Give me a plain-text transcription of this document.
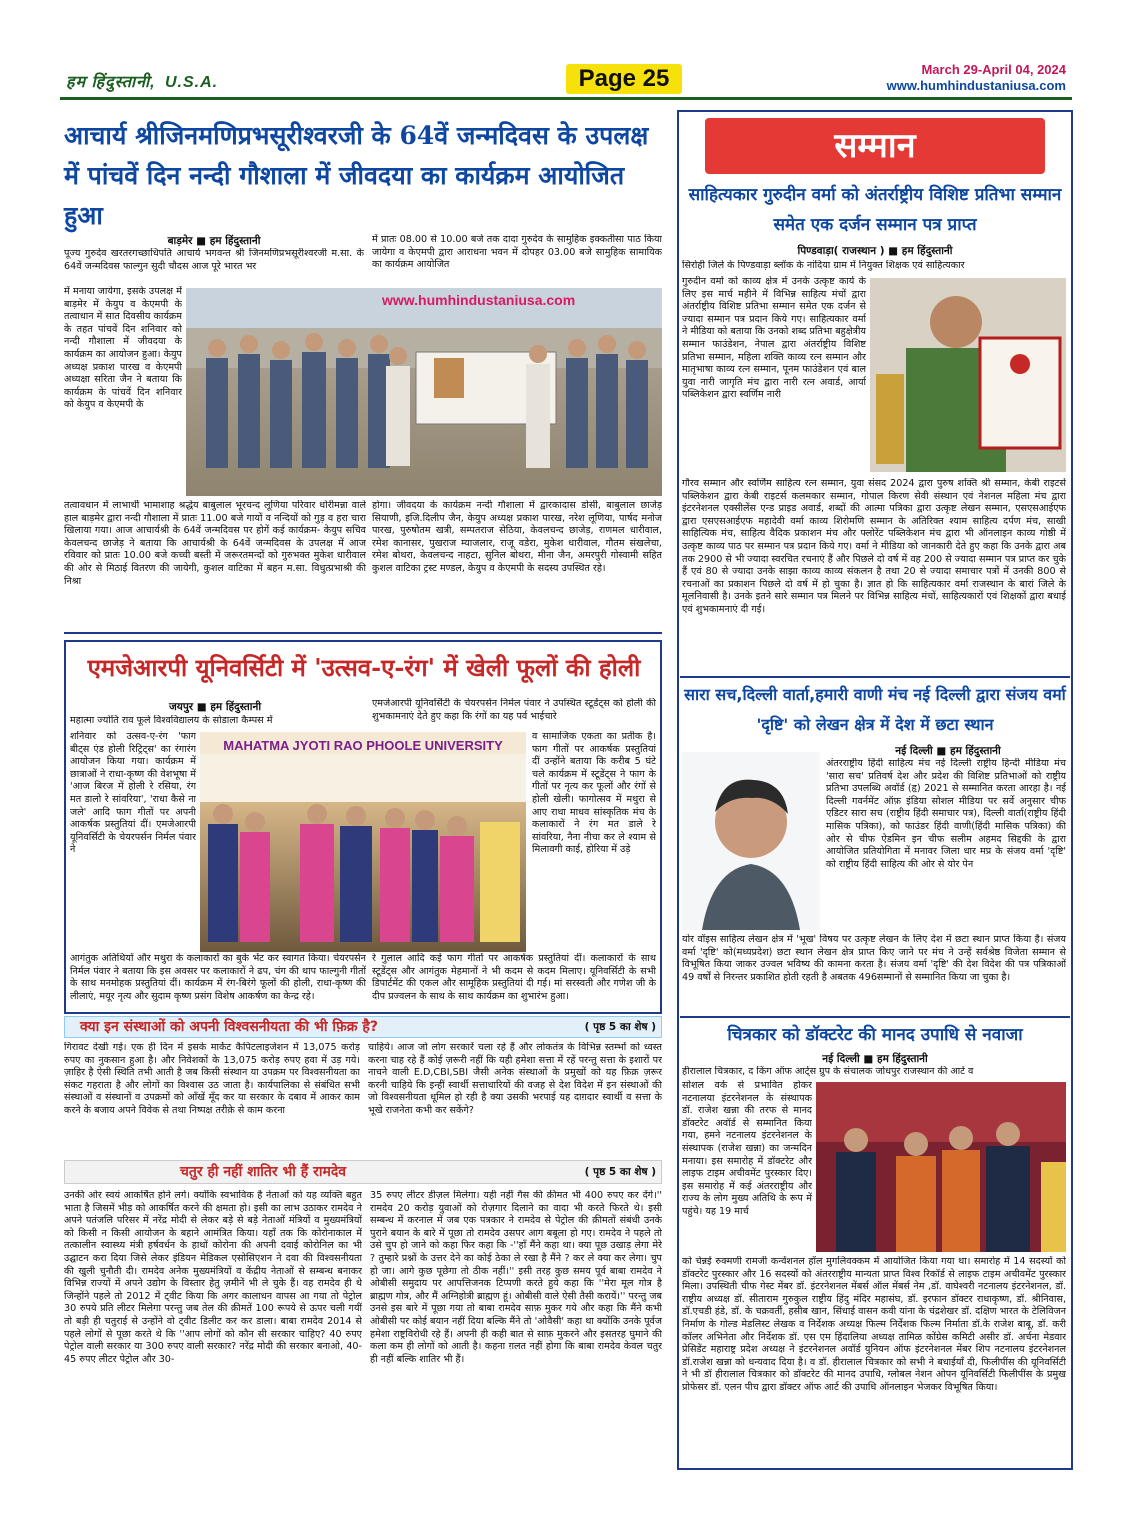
हम हिंदुस्तानी, U.S.A.	Page 25	March 29-April 04, 2024
www.humhindustaniusa.com
आचार्य श्रीजिनमणिप्रभसूरीश्वरजी के 64वें जन्मदिवस के उपलक्ष में पांचवें दिन नन्दी गौशाला में जीवदया का कार्यक्रम आयोजित हुआ
बाड़मेर ■ हम हिंदुस्तानी
पूज्य गुरुदेव खरतरगच्छाधिपति आचार्य भगवन्त श्री जिनमणिप्रभसूरीश्वरजी म.सा. के 64वें जन्मदिवस फाल्गुन सुदी चौदस आज पूरे भारत भर
में मनाया जायेगा, इसके उपलक्ष में बाड़मेर में केयुप व केएमपी के तत्वाधान में सात दिवसीय कार्यक्रम के तहत पांचवें दिन शनिवार को नन्दी गौशाला में जीवदया के कार्यक्रम का आयोजन हुआ। केयुप अध्यक्ष प्रकाश पारख व केएमपी अध्यक्षा सरिता जैन ने बताया कि कार्यक्रम के पांचवें दिन शनिवार को केयुप व केएमपी के
तत्वावधान में लाभार्थी भामाशाह श्रद्धेय बाबुलाल भूरचन्द लूणिया परिवार धोरीमन्ना वाले हाल बाड़मेर द्वारा नन्दी गौशाला में प्रातः 11.00 बजे गायों व नन्दियों को गुड़ व हरा चारा खिलाया गया। आज आचार्यश्री के 64वें जन्मदिवस पर होगें कई कार्यक्रम- केयुप सचिव केवलचन्द छाजेड़ ने बताया कि आचार्यश्री के 64वें जन्मदिवस के उपलक्ष में आज रविवार को प्रातः 10.00 बजे कच्ची बस्ती में जरूरतमन्दों को गुरुभक्त मुकेश धारीवाल की ओर से मिठाई वितरण की जायेगी, कुशल वाटिका में बहन म.सा. विधुत्प्रभाश्री की निश्रा
में प्रातः 08.00 से 10.00 बजे तक दादा गुरुदेव के सामुहिक इक्कतीसा पाठ किया जायेगा व केएमपी द्वारा आराधना भवन में दोपहर 03.00 बजे सामुहिक सामायिक का कार्यक्रम आयोजित
होगा। जीवदया के कार्यक्रम नन्दी गौशाला में द्वारकादास डोसी, बाबुलाल छाजेड़ सियाणी, इजि.दिलीप जैन, केयुप अध्यक्ष प्रकाश पारख, नरेश लूणिया, पार्षद मनोज पारख, पुरुषोतम खत्री, सम्पतराज सेठिया, केवलचन्द छाजेड़, राणमल धारीवाल, रमेश कानासर, पुखराज म्याजलार, राजू वडेरा, मुकेश धारीवाल, गौतम संखलेचा, रमेश बोथरा, केवलचन्द नाहटा, सुनिल बोथरा, मीना जैन, अमरपुरी गोस्वामी सहित कुशल वाटिका ट्रस्ट मण्डल, केयुप व केएमपी के सदस्य उपस्थित रहे।
www.humhindustaniusa.com
एमजेआरपी यूनिवर्सिटी में 'उत्सव-ए-रंग' में खेली फूलों की होली
जयपुर ■ हम हिंदुस्तानी
महात्मा ज्योति राव फूले विश्वविद्यालय के सोडाला कैम्पस में
शनिवार को उत्सव-ए-रंग 'फाग बीट्स एंड होली रिट्रिट्स' का रंगारंग आयोजन किया गया। कार्यक्रम में छात्राओं ने राधा-कृष्ण की वेशभूषा में 'आज बिरज में होली रे रसिया, रंग मत डालो रे सांवरिया', 'राधा कैसे ना जले' आदि फाग गीतों पर अपनी आकर्षक प्रस्तुतियां दीं। एमजेआरपी यूनिवर्सिटी के चेयरपर्सन निर्मल पंवार ने
आगंतुक अतिथियों और मथुरा के कलाकारों का बुके भेंट कर स्वागत किया। चेयरपर्सन निर्मल पंवार ने बताया कि इस अवसर पर कलाकारों ने ढप, चंग की थाप फाल्गुनी गीतों के साथ मनमोहक प्रस्तुतियां दीं। कार्यक्रम में रंग-बिरंगे फूलों की होली, राधा-कृष्ण की लीलाएं, मयूर नृत्य और सुदाम कृष्ण प्रसंग विशेष आकर्षण का केन्द्र रहे।
एमजेआरपी यूनिवर्सिटी के चेयरपर्सन निर्मल पंवार ने उपस्थित स्टूडेंट्स को होली की शुभकामनाएं देते हुए कहा कि रंगों का यह पर्व भाईचारे
व सामाजिक एकता का प्रतीक है। फाग गीतों पर आकर्षक प्रस्तुतियां दीं उन्होंने बताया कि करीब 5 घंटे चले कार्यक्रम में स्टूडेंट्स ने फाग के गीतों पर नृत्य कर फूलों और रंगों से होली खेली। फागोत्सव में मथुरा से आए राधा माधव सांस्कृतिक मंच के कलाकारों ने रंग मत डाले रे सांवरिया, नैना नीचा कर ले श्याम से मिलावगी काई, होरिया में उड़े
रे गुलाल आदि कई फाग गीतों पर आकर्षक प्रस्तुतियां दीं। कलाकारों के साथ स्टूडेंट्स और आगंतुक मेहमानों ने भी कदम से कदम मिलाए। यूनिवर्सिटी के सभी डिपार्टमेंट की एकल और सामूहिक प्रस्तुतियां दी गई। मां सरस्वती और गणेश जी के दीप प्रज्वलन के साथ के साथ कार्यक्रम का शुभारंभ हुआ।
MAHATMA JYOTI RAO PHOOLE UNIVERSITY
क्या इन संस्थाओं को अपनी विश्वसनीयता की भी फ़िक्र है?	( पृष्ठ 5 का शेष )
गिरावट देखी गई। एक ही दिन में इसके मार्केट कैपिटलाइजेशन में 13,075 करोड़ रुपए का नुकसान हुआ है। और निवेशकों के 13,075 करोड़ रुपए हवा में उड़ गये।ज़ाहिर है ऐसी स्थिति तभी आती है जब किसी संस्थान या उपक्रम पर विश्वसनीयता का संकट गहराता है और लोगों का विश्वास उठ जाता है। कार्यपालिका से संबंधित सभी संस्थाओं व संस्थानों व उपक्रमों को आँखें मूँद कर या सरकार के दबाव में आकर काम करने के बजाय अपने विवेक से तथा निष्पक्ष तरीक़े से काम करना
चाहिये। आज जो लोग सरकारें चला रहे हैं और लोकतंत्र के विभिन्न स्तम्भों को ध्वस्त करना चाह रहे हैं कोई ज़रूरी नहीं कि यही हमेशा सत्ता में रहें परन्तु सत्ता के इशारों पर नाचने वाली E.D,CBI,SBI जैसी अनेक संस्थाओं के प्रमुखों को यह फ़िक्र ज़रूर करनी चाहिये कि इन्हीं स्वार्थी सत्ताधारियों की वजह से देश विदेश में इन संस्थाओं की जो विश्वसनीयता धूमिल हो रही है क्या उसकी भरपाई यह दाग़दार स्वार्थी व सत्ता के भूखे राजनेता कभी कर सकेंगे?
चतुर ही नहीं शातिर भी हैं रामदेव	( पृष्ठ 5 का शेष )
उनकी ओर स्वयं आकर्षित होने लगे। क्योंकि स्वभाविक है नेताओं को यह व्यक्ति बहुत भाता है जिसमें भीड़ को आकर्षित करने की क्षमता हो। इसी का लाभ उठाकर रामदेव ने अपने पतंजलि परिसर में नरेंद्र मोदी से लेकर बड़े से बड़े नेताओं मंत्रियों व मुख्यमंत्रियों को किसी न किसी आयोजन के बहाने आमंत्रित किया। यहाँ तक कि कोरोनाकाल में तत्कालीन स्वास्थ्य मंत्री हर्षवर्धन के हाथों कोरोना की अपनी दवाई कोरोनिल का भी उद्घाटन करा दिया जिसे लेकर इंडियन मेडिकल एसोसिएशन ने दवा की विश्वसनीयता की खुली चुनौती दी। रामदेव अनेक मुख्यमंत्रियों व केंद्रीय नेताओं से सम्बन्ध बनाकर विभिन्न राज्यों में अपने उद्योग के विस्तार हेतु ज़मीनें भी ले चुके हैं। वह रामदेव ही थे जिन्होंने पहले तो 2012 में ट्वीट किया कि अगर कालाधन वापस आ गया तो पेट्रोल 30 रुपये प्रति लीटर मिलेगा परन्तु जब तेल की क़ीमतें 100 रूपये से ऊपर चली गयीं तो बड़ी ही चतुराई से उन्होंने वो ट्वीट डिलीट कर कर डाला। बाबा रामदेव 2014 से पहले लोगों से पूछा करते थे कि ''आप लोगों को कौन सी सरकार चाहिए? 40 रुपए पेट्रोल वाली सरकार या 300 रुपए वाली सरकार? नरेंद्र मोदी की सरकार बनाओ, 40-45 रुपए लीटर पेट्रोल और 30-
35 रुपए लीटर डीज़ल मिलेगा। यही नहीं गैस की क़ीमत भी 400 रुपए कर देंगे।'' रामदेव 20 करोड़ युवाओं को रोज़गार दिलाने का वादा भी करते फिरते थे। इसी सम्बन्ध में करनाल में जब एक पत्रकार ने रामदेव से पेट्रोल की क़ीमतों संबंधी उनके पुराने बयान के बारे में पूछा तो रामदेव उसपर आग बबूला हो गए। रामदेव ने पहले तो उसे चुप हो जाने को कहा फिर कहा कि -''हाँ मैंने कहा था। क्या पूछ उखाड़ लेगा मेरे ? तुम्हारे प्रश्नों के उत्तर देने का कोई ठेका ले रखा है मैंने ? कर ले क्या कर लेगा। चुप हो जा। आगे कुछ पूछेगा तो ठीक नहीं।'' इसी तरह कुछ समय पूर्व बाबा रामदेव ने ओबीसी समुदाय पर आपत्तिजनक टिप्पणी करते हुये कहा कि ''मेरा मूल गोत्र है ब्राह्मण गोत्र, और मैं अग्निहोत्री ब्राह्मण हूं। ओबीसी वाले ऐसी तैसी करायें।'' परन्तु जब उनसे इस बारे में पूछा गया तो बाबा रामदेव साफ़ मुकर गये और कहा कि मैंने कभी ओबीसी पर कोई बयान नहीं दिया बल्कि मैंने तो 'ओवैसी' कहा था क्योंकि उनके पूर्वज हमेशा राष्ट्रविरोधी रहे हैं। अपनी ही कही बात से साफ़ मुकरने और इसतरह घुमाने की कला कम ही लोगों को आती है। कहना ग़लत नहीं होगा कि बाबा रामदेव केवल चतुर ही नहीं बल्कि शातिर भी हैं।
सम्मान
साहित्यकार गुरुदीन वर्मा को अंतर्राष्ट्रीय विशिष्ट प्रतिभा सम्मान समेत एक दर्जन सम्मान पत्र प्राप्त
पिण्डवाड़ा( राजस्थान ) ■ हम हिंदुस्तानी
सिरोही जिले के पिण्डवाड़ा ब्लॉक के नांदिया ग्राम में नियुक्त शिक्षक एवं साहित्यकार
गुरुदीन वर्मा को काव्य क्षेत्र में उनके उत्कृष्ट कार्य के लिए इस मार्च महीने में विभिन्न साहित्य मंचों द्वारा अंतर्राष्ट्रीय विशिष्ट प्रतिभा सम्मान समेत एक दर्जन से ज्यादा सम्मान पत्र प्रदान किये गए। साहित्यकार वर्मा ने मीडिया को बताया कि उनको शब्द प्रतिभा बहुक्षेत्रीय सम्मान फाउंडेशन, नेपाल द्वारा अंतर्राष्ट्रीय विशिष्ट प्रतिभा सम्मान, महिला शक्ति काव्य रत्न सम्मान और मातृभाषा काव्य रत्न सम्मान, पूनम फाउंडेशन एवं बाल युवा नारी जागृति मंच द्वारा नारी रत्न अवार्ड, आर्या पब्लिकेशन द्वारा स्वर्णिम नारी
गौरव सम्मान और स्वर्णिम साहित्य रत्न सम्मान, युवा संसद 2024 द्वारा पुरुष शक्ति श्री सम्मान, केबी राइटर्स पब्लिकेशन द्वारा केबी राइटर्स कलमकार सम्मान, गोपाल किरण सेवी संस्थान एवं नेशनल महिला मंच द्वारा इंटरनेशनल एक्सीलेंस एन्ड प्राइड अवार्ड, शब्दों की आत्मा पत्रिका द्वारा उत्कृष्ट लेखन सम्मान, एसएसआईएफ द्वारा एसएसआईएफ महादेवी वर्मा काव्य शिरोमणि सम्मान के अतिरिक्त श्याम साहित्य दर्पण मंच, साखी साहित्यिक मंच, साहित्य वैदिक प्रकाशन मंच और फ्लोरेंट पब्लिकेशन मंच द्वारा भी ऑनलाइन काव्य गोष्ठी में उत्कृष्ट काव्य पाठ पर सम्मान पत्र प्रदान किये गए। वर्मा ने मीडिया को जानकारी देते हुए कहा कि उनके द्वारा अब तक 2900 से भी ज्यादा स्वरचित रचनाएं हैं और पिछले दो वर्ष में वह 200 से ज्यादा सम्मान पत्र प्राप्त कर चुके हैं एवं 80 से ज्यादा उनके साझा काव्य काव्य संकलन है तथा 20 से ज्यादा समाचार पत्रों में उनकी 800 से रचनाओं का प्रकाशन पिछले दो वर्ष में हो चुका है। ज्ञात हो कि साहित्यकार वर्मा राजस्थान के बारां जिले के मूलनिवासी है। उनके इतने सारे सम्मान पत्र मिलने पर विभिन्न साहित्य मंचों, साहित्यकारों एवं शिक्षकों द्वारा बधाई एवं शुभकामनाएं दी गई।
सारा सच,दिल्ली वार्ता,हमारी वाणी मंच नई दिल्ली द्वारा संजय वर्मा 'दृष्टि' को लेखन क्षेत्र में देश में छटा स्थान
नई दिल्ली ■ हम हिंदुस्तानी
अंतरराष्ट्रीय हिंदी साहित्य मंच नई दिल्ली राष्ट्रीय हिन्दी मीडिया मंच 'सारा सच' प्रतिवर्ष देश और प्रदेश की विशिष्ट प्रतिभाओं को राष्ट्रीय प्रतिभा उपलब्धि अवॉर्ड (हृ) 2021 से सम्मानित करता आरहा है। नई दिल्ली गवर्नमेंट ऑफ़ इंडिया सोशल मीडिया पर सर्वे अनुसार चीफ एडिटर सारा सच (राष्ट्रीय हिंदी समाचार पत्र), दिल्ली वार्ता(राष्ट्रीय हिंदी मासिक पत्रिका), को फाउंडर हिंदी वाणी(हिंदी मासिक पत्रिका) की ओर से चीफ ऐडमिन इन चीफ सलीम अहमद सिद्दकी के द्वारा आयोजित प्रतियोगिता में मनावर जिला धार मप्र के संजय वर्मा 'दृष्टि' को राष्ट्रीय हिंदी साहित्य की ओर से योर पेन
योर वॉइस साहित्य लेखन क्षेत्र में 'भूख' विषय पर उत्कृष्ट लेखन के लिए देश में छटा स्थान प्राप्त किया है। संजय वर्मा 'दृष्टि' को(मध्यप्रदेश) छटा स्थान लेखन क्षेत्र प्राप्त किए जाने पर मंच ने उन्हें सर्वश्रेष्ठ विजेता सम्मान से विभूषित किया जाकर उज्वल भविष्य की कामना करता है। संजय वर्मा 'दृष्टि' की देश विदेश की पत्र पत्रिकाओं 49 वर्षों से निरन्तर प्रकाशित होती रहती है अबतक 496सम्मानों से सम्मानित किया जा चुका है।
चित्रकार को डॉक्टरेट की मानद उपाधि से नवाजा
नई दिल्ली ■ हम हिंदुस्तानी
हीरालाल चित्रकार, द किंग ऑफ आर्ट्स ग्रुप के संचालक जोधपुर राजस्थान की आर्ट व
सोशल वर्क से प्रभावित होकर नटनालया इंटरनेशनल के संस्थापक डॉ. राजेश खन्ना की तरफ से मानद डॉक्टरेट अवॉर्ड से सम्मानित किया गया, हमने नटनालय इंटरनेशनल के संस्थापक (राजेश खन्ना) का जन्मदिन मनाया। इस समारोह में डॉक्टरेट और लाइफ टाइम अचीवमेंट पुरस्कार दिए। इस समारोह में कई अंतरराष्ट्रीय और राज्य के लोग मुख्य अतिथि के रूप में पहुंचे। यह 19 मार्च
को चेन्नई रुक्मणी रामजी कन्वेंशनल हॉल मुगलिवक्कम में आयोजित किया गया था। समारोह में 14 सदस्यों को डॉक्टरेट पुरस्कार और 16 सदस्यों को अंतरराष्ट्रीय मान्यता प्राप्त विश्व रिकॉर्ड से लाइफ टाइम अचीवमेंट पुरस्कार मिला। उपस्थिती चीफ गेस्ट मेंबर डॉ. इंटरनेशनल मेंबर्स ऑल मेंबर्स नेम ,डॉ. वाघेश्वरी नटनालय इंटरनेशनल, डॉ. राष्ट्रीय अध्यक्ष डॉ. सीताराम गुरुकुल राष्ट्रीय हिंदु मंदिर महासंघ, डॉ. इरफान डॉक्टर राधाकृष्ण, डॉ. श्रीनिवास, डॉ.एचडी हंडे, डॉ. के चक्रवर्ती, हसीब खान, सिंधाई वासन कवी यांना के चंद्रशेखर डॉ. दक्षिण भारत के टेलिविजन निर्माण के गोल्ड मेडलिस्ट लेखक व निर्देशक अध्यक्ष फिल्म निर्देशक फिल्म निर्माता डॉ.के राजेश बाबू, डॉ. करी कॉलर अभिनेता और निर्देशक डॉ. एस एम हिंदालिया अध्यक्ष तामिळ कोंग्रेस कमिटी असीर डॉ. अर्चना मेडवार प्रेसिडेंट महाराष्ट्र प्रदेश अध्यक्ष ने इंटरनेशनल अवॉर्ड युनियन ऑफ इंटरनेशनल मेंबर शिप नटनालय इंटरनेशनल डॉ.राजेश खन्ना को धन्यवाद दिया है। व डॉ. हीरालाल चित्रकार को सभी ने बधाईयाँ दी, फिलीपींस की यूनिवर्सिटी ने भी डॉ हीरालाल चित्रकार को डॉक्टरेट की मानद उपाधि, ग्लोबल नेशन ओपन यूनिवर्सिटी फिलीपींस के प्रमुख प्रोफेसर डॉ. एलन पीच द्वारा डॉक्टर ऑफ आर्ट की उपाधि ऑनलाइन भेजकर विभूषित किया।
